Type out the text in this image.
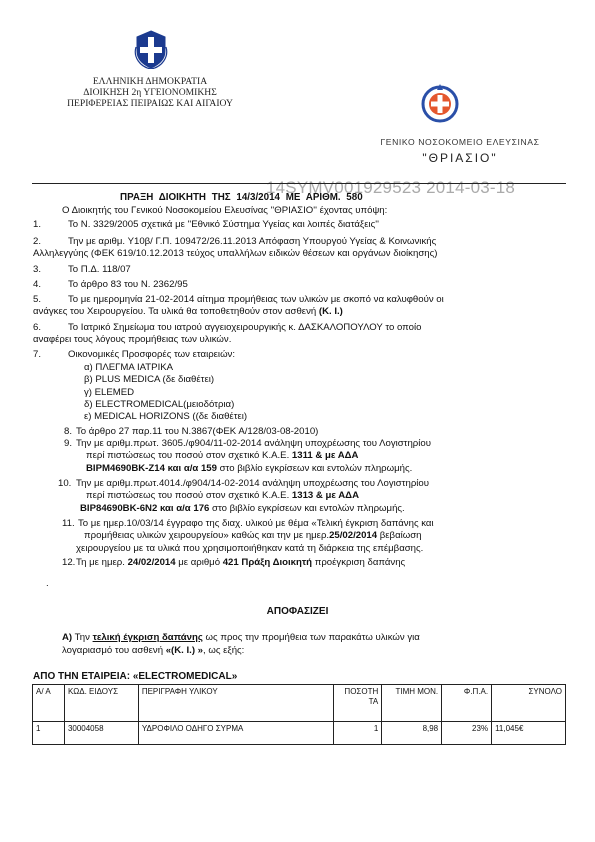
ΕΛΛΗΝΙΚΗ ΔΗΜΟΚΡΑΤΙΑ
ΔΙΟΙΚΗΣΗ 2η ΥΓΕΙΟΝΟΜΙΚΗΣ
ΠΕΡΙΦΕΡΕΙΑΣ ΠΕΙΡΑΙΩΣ ΚΑΙ ΑΙΓΑΙΟΥ
ΓΕΝΙΚΟ ΝΟΣΟΚΟΜΕΙΟ ΕΛΕΥΣΙΝΑΣ
"ΘΡΙΑΣΙΟ"
14SYMV001929523 2014-03-18
ΠΡΑΞΗ ΔΙΟΙΚΗΤΗ ΤΗΣ 14/3/2014 ΜΕ ΑΡΙΘΜ. 580
Ο Διοικητής του Γενικού Νοσοκομείου Ελευσίνας ''ΘΡΙΑΣΙΟ'' έχοντας υπόψη:
1.	Το Ν. 3329/2005 σχετικά με ''Εθνικό Σύστημα Υγείας και λοιπές διατάξεις''
2.	Την με αριθμ. Υ10β/ Γ.Π. 109472/26.11.2013 Απόφαση Υπουργού Υγείας & Κοινωνικής
Αλληλεγγύης (ΦΕΚ 619/10.12.2013 τεύχος υπαλλήλων ειδικών θέσεων και οργάνων διοίκησης)
3.	Το Π.Δ. 118/07
4.	Το άρθρο 83 του Ν. 2362/95
5.	Το με ημερομηνία 21-02-2014 αίτημα προμήθειας των υλικών με σκοπό να καλυφθούν οι
ανάγκες του Χειρουργείου. Τα υλικά θα τοποθετηθούν στον ασθενή (Κ. Ι.)
6.	Το Ιατρικό Σημείωμα του ιατρού αγγειοχειρουργικής κ. ΔΑΣΚΑΛΟΠΟΥΛΟΥ το οποίο
αναφέρει τους λόγους προμήθειας των υλικών.
7.	Οικονομικές Προσφορές των εταιρειών:
α) ΠΛΕΓΜΑ ΙΑΤΡΙΚΑ
β) PLUS MEDICA (δε διαθέτει)
γ) ELEMED
δ) ELECTROMEDICAL(μειοδότρια)
ε) MEDICAL HORIZONS ((δε διαθέτει)
8. Το άρθρο 27 παρ.11 του Ν.3867(ΦΕΚ Α/128/03-08-2010)
9. Την με αριθμ.πρωτ. 3605./φ904/11-02-2014 ανάληψη υποχρέωσης του Λογιστηρίου
περί πιστώσεως του ποσού στον σχετικό Κ.Α.Ε. 1311 & με ΑΔΑ
ΒΙΡΜ4690ΒΚ-Ζ14 και α/α 159 στο βιβλίο εγκρίσεων και εντολών πληρωμής.
10. Την με αριθμ.πρωτ.4014./φ904/14-02-2014 ανάληψη υποχρέωσης του Λογιστηρίου
περί πιστώσεως του ποσού στον σχετικό Κ.Α.Ε. 1313 & με ΑΔΑ
ΒΙΡ84690ΒΚ-6Ν2 και α/α 176 στο βιβλίο εγκρίσεων και εντολών πληρωμής.
11. Το με ημερ.10/03/14 έγγραφο της διαχ. υλικού με θέμα «Τελική έγκριση δαπάνης και
προμήθειας υλικών χειρουργείου» καθώς και την με ημερ.25/02/2014 βεβαίωση
χειρουργείου με τα υλικά που χρησιμοποιήθηκαν κατά τη διάρκεια της επέμβασης.
12. Τη με ημερ. 24/02/2014 με αριθμό 421 Πράξη Διοικητή προέγκριση δαπάνης
.
ΑΠΟΦΑΣΙΖΕΙ
Α) Την τελική έγκριση δαπάνης ως προς την προμήθεια των παρακάτω υλικών για
λογαριασμό του ασθενή «(Κ. Ι.) », ως εξής:
ΑΠΟ ΤΗΝ ΕΤΑΙΡΕΙΑ: «ELECTROMEDICAL»
Α/ Α	ΚΩΔ. ΕΙΔΟΥΣ	ΠΕΡΙΓΡΑΦΗ ΥΛΙΚΟΥ	ΠΟΣΟΤΗ ΤΑ	ΤΙΜΗ ΜΟΝ.	Φ.Π.Α.	ΣΥΝΟΛΟ
1	30004058	ΥΔΡΟΦΙΛΟ ΟΔΗΓΟ ΣΥΡΜΑ	1	8,98	23%	11,045€
